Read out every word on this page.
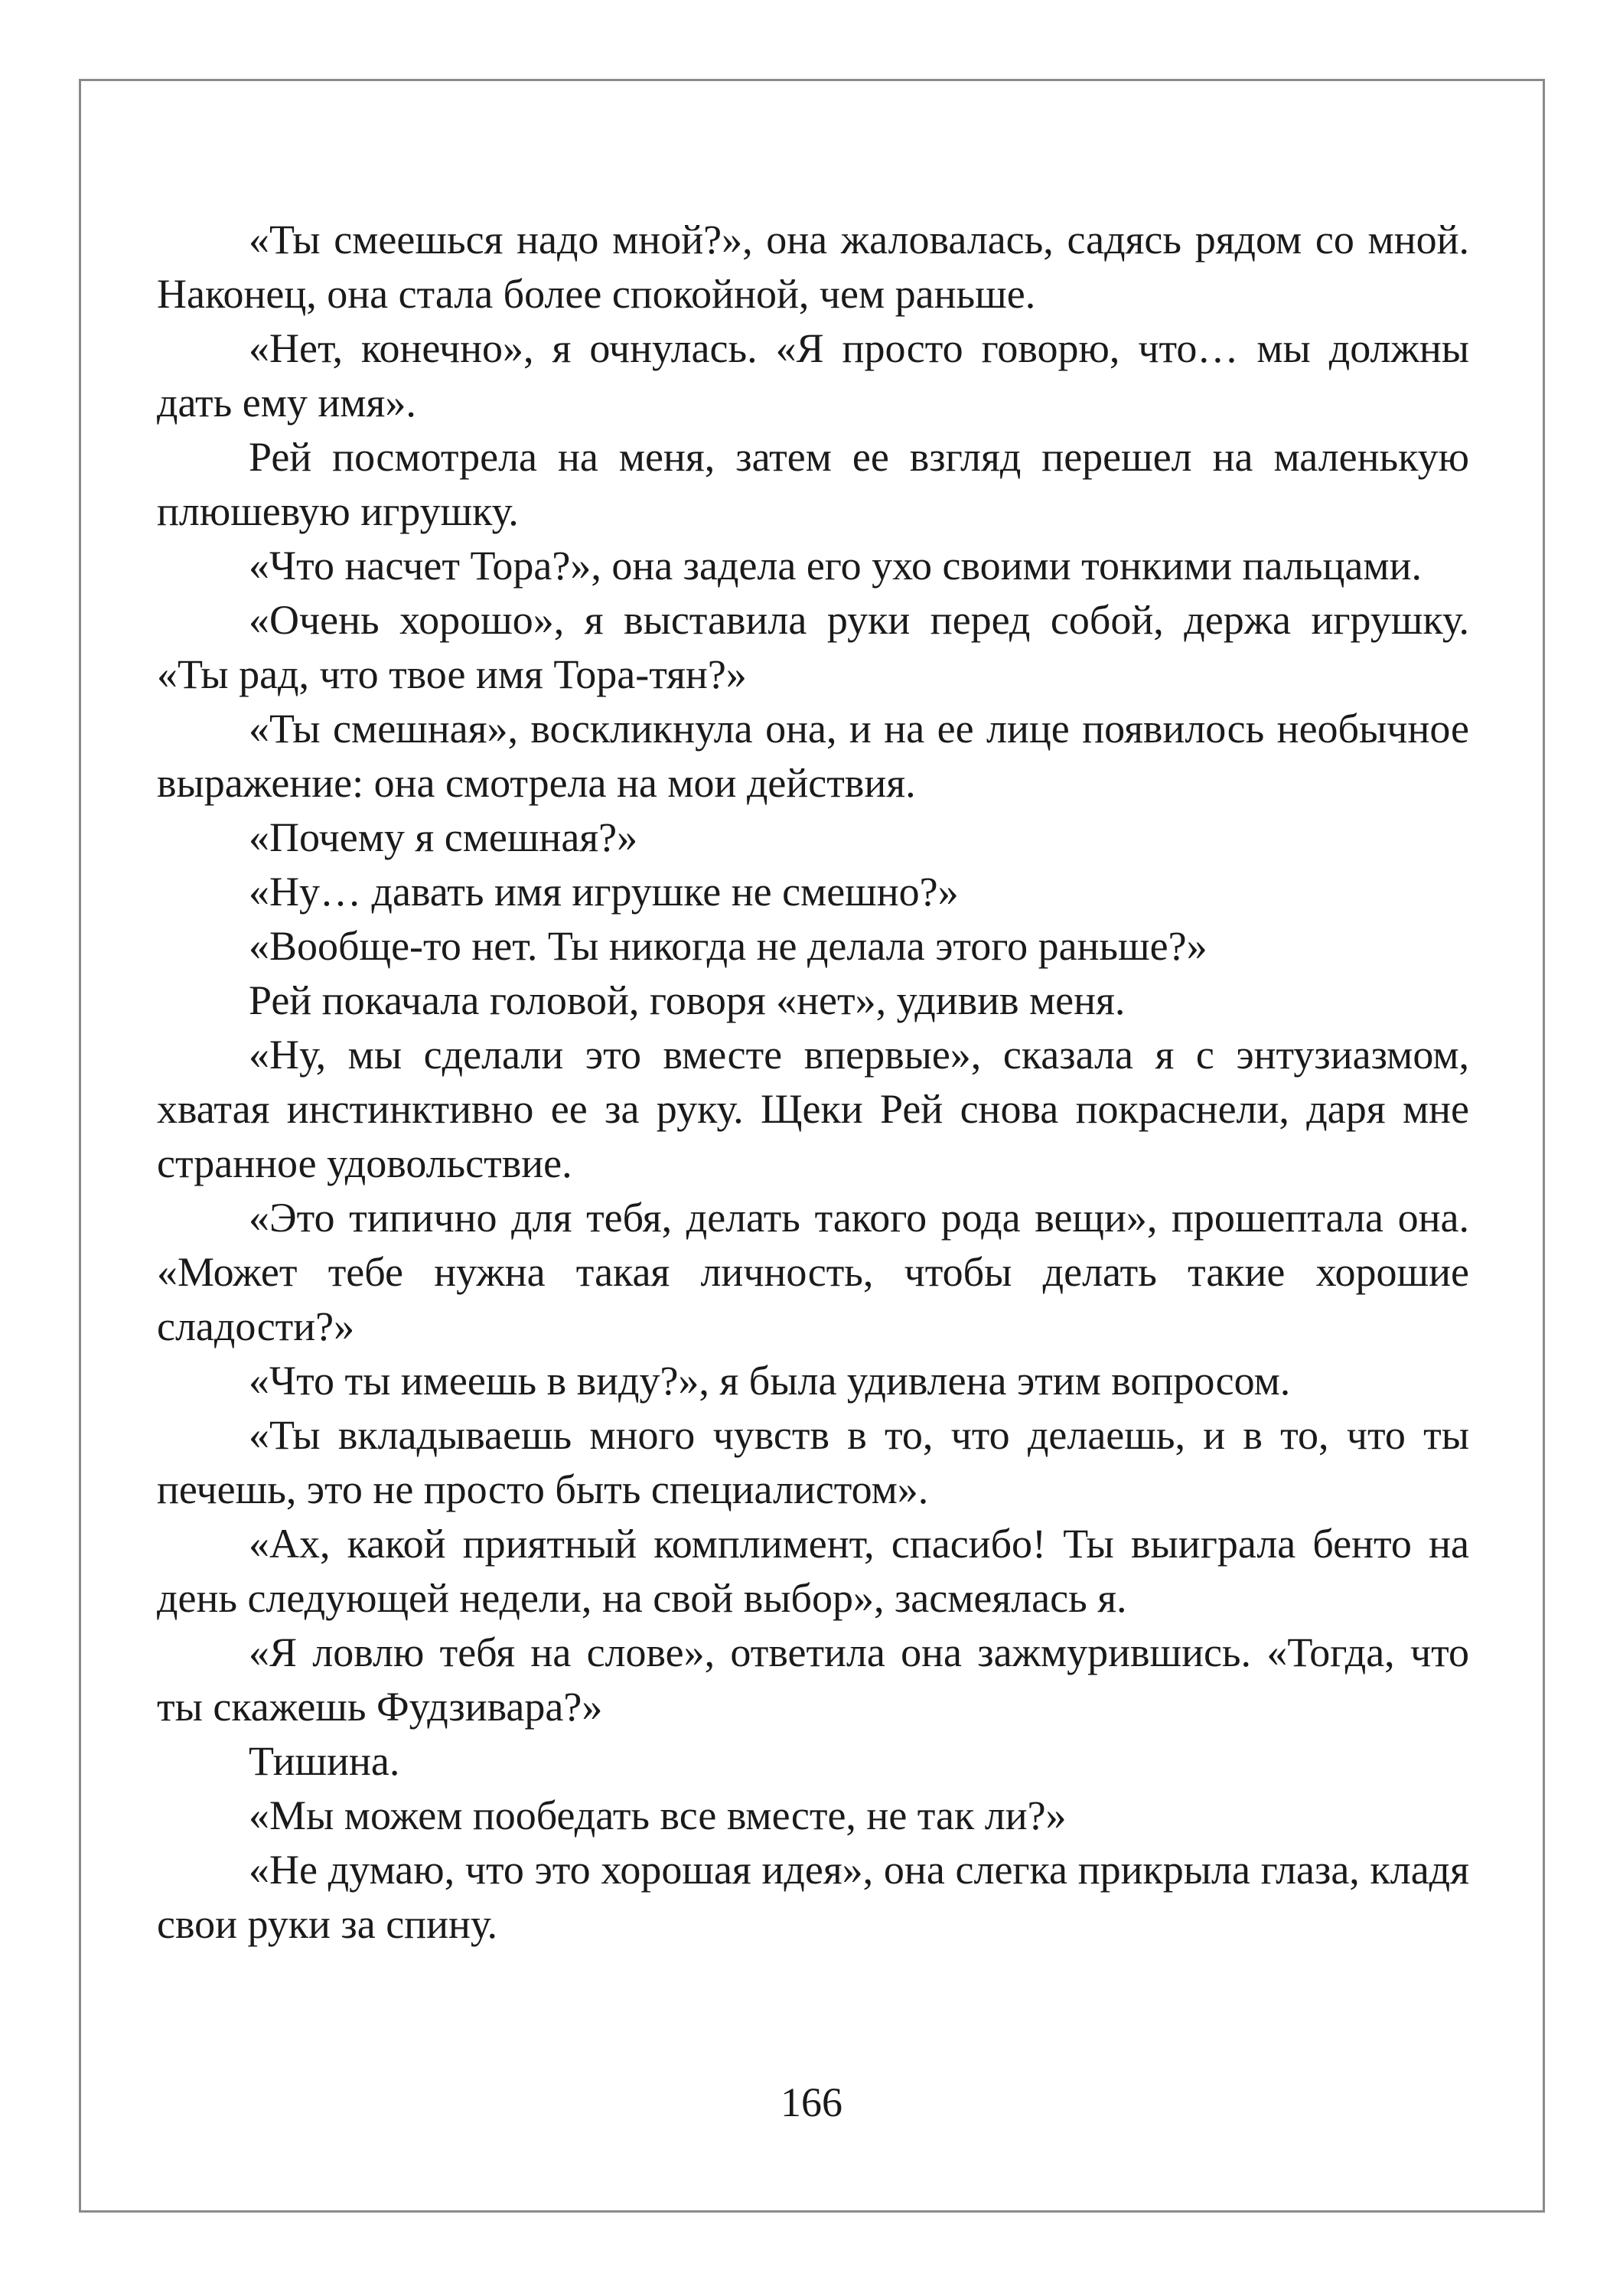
«Ты смеешься надо мной?», она жаловалась, садясь рядом со мной. Наконец, она стала более спокойной, чем раньше.

«Нет, конечно», я очнулась. «Я просто говорю, что… мы должны дать ему имя».

Рей посмотрела на меня, затем ее взгляд перешел на маленькую плюшевую игрушку.

«Что насчет Тора?», она задела его ухо своими тонкими пальцами.

«Очень хорошо», я выставила руки перед собой, держа игрушку. «Ты рад, что твое имя Тора-тян?»

«Ты смешная», воскликнула она, и на ее лице появилось необычное выражение: она смотрела на мои действия.

«Почему я смешная?»

«Ну… давать имя игрушке не смешно?»

«Вообще-то нет. Ты никогда не делала этого раньше?»

Рей покачала головой, говоря «нет», удивив меня.

«Ну, мы сделали это вместе впервые», сказала я с энтузиазмом, хватая инстинктивно ее за руку. Щеки Рей снова покраснели, даря мне странное удовольствие.

«Это типично для тебя, делать такого рода вещи», прошептала она. «Может тебе нужна такая личность, чтобы делать такие хорошие сладости?»

«Что ты имеешь в виду?», я была удивлена этим вопросом.

«Ты вкладываешь много чувств в то, что делаешь, и в то, что ты печешь, это не просто быть специалистом».

«Ах, какой приятный комплимент, спасибо! Ты выиграла бенто на день следующей недели, на свой выбор», засмеялась я.

«Я ловлю тебя на слове», ответила она зажмурившись. «Тогда, что ты скажешь Фудзивара?»

Тишина.

«Мы можем пообедать все вместе, не так ли?»

«Не думаю, что это хорошая идея», она слегка прикрыла глаза, кладя свои руки за спину.

166
